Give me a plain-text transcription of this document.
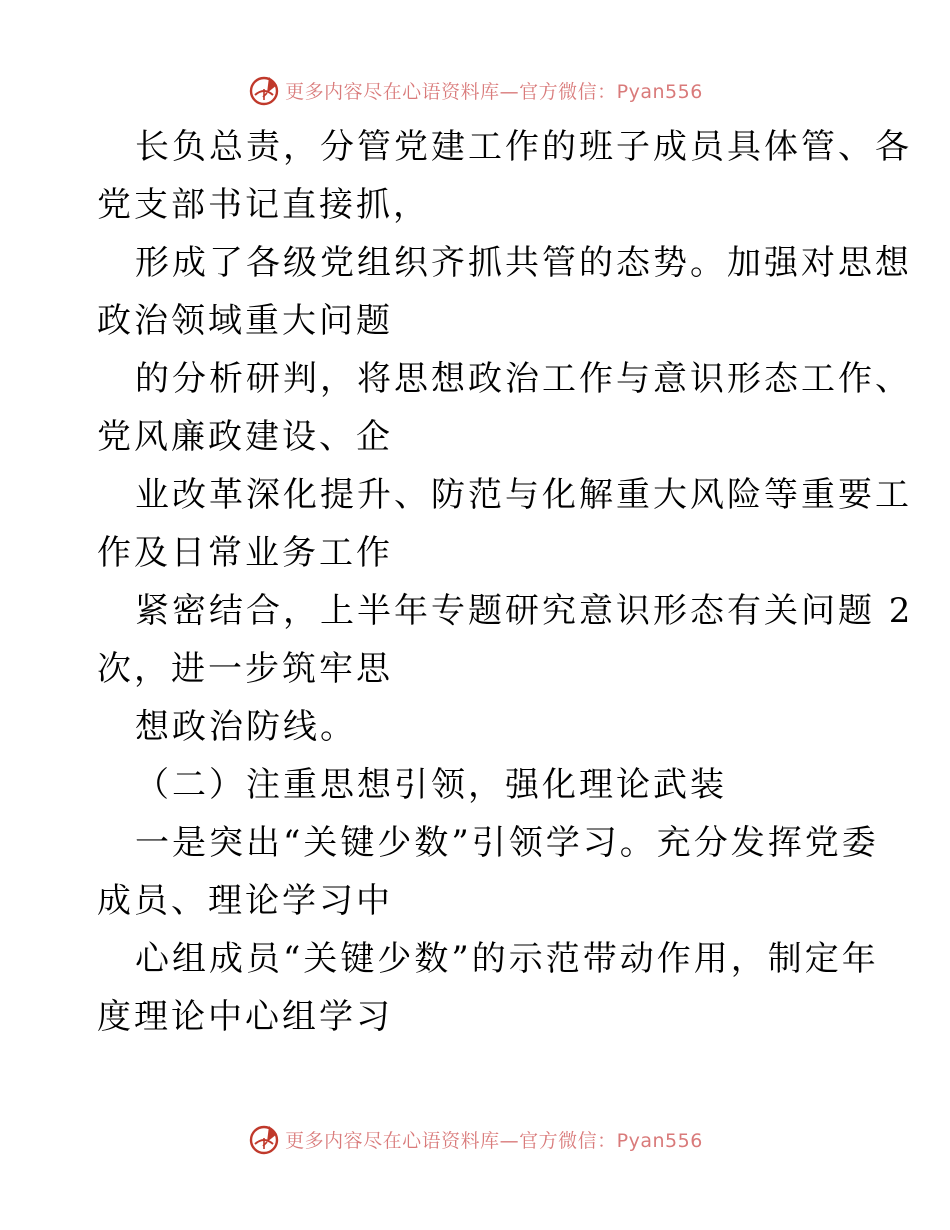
更多内容尽在心语资料库—官方微信：Pyan556
长负总责，分管党建工作的班子成员具体管、各
党支部书记直接抓，
形成了各级党组织齐抓共管的态势。加强对思想
政治领域重大问题
的分析研判，将思想政治工作与意识形态工作、
党风廉政建设、企
业改革深化提升、防范与化解重大风险等重要工
作及日常业务工作
紧密结合，上半年专题研究意识形态有关问题 2
次，进一步筑牢思
想政治防线。
（二）注重思想引领，强化理论武装
一是突出“关键少数”引领学习。充分发挥党委
成员、理论学习中
心组成员“关键少数”的示范带动作用，制定年
度理论中心组学习
更多内容尽在心语资料库—官方微信：Pyan556
